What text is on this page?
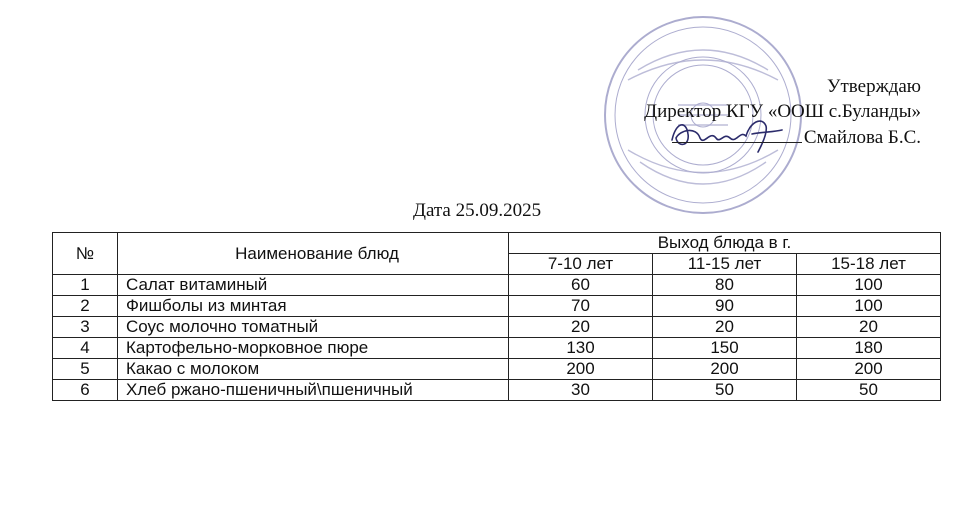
Утверждаю
Директор КГУ «ООШ с.Буланды»
Смайлова Б.С.
Дата 25.09.2025
№	Наименование блюд	Выход блюда в г.		
		7-10 лет	11-15 лет	15-18 лет
1	Салат витаминый	60	80	100
2	Фишболы из минтая	70	90	100
3	Соус молочно томатный	20	20	20
4	Картофельно-морковное пюре	130	150	180
5	Какао с молоком	200	200	200
6	Хлеб ржано-пшеничный\пшеничный	30	50	50
